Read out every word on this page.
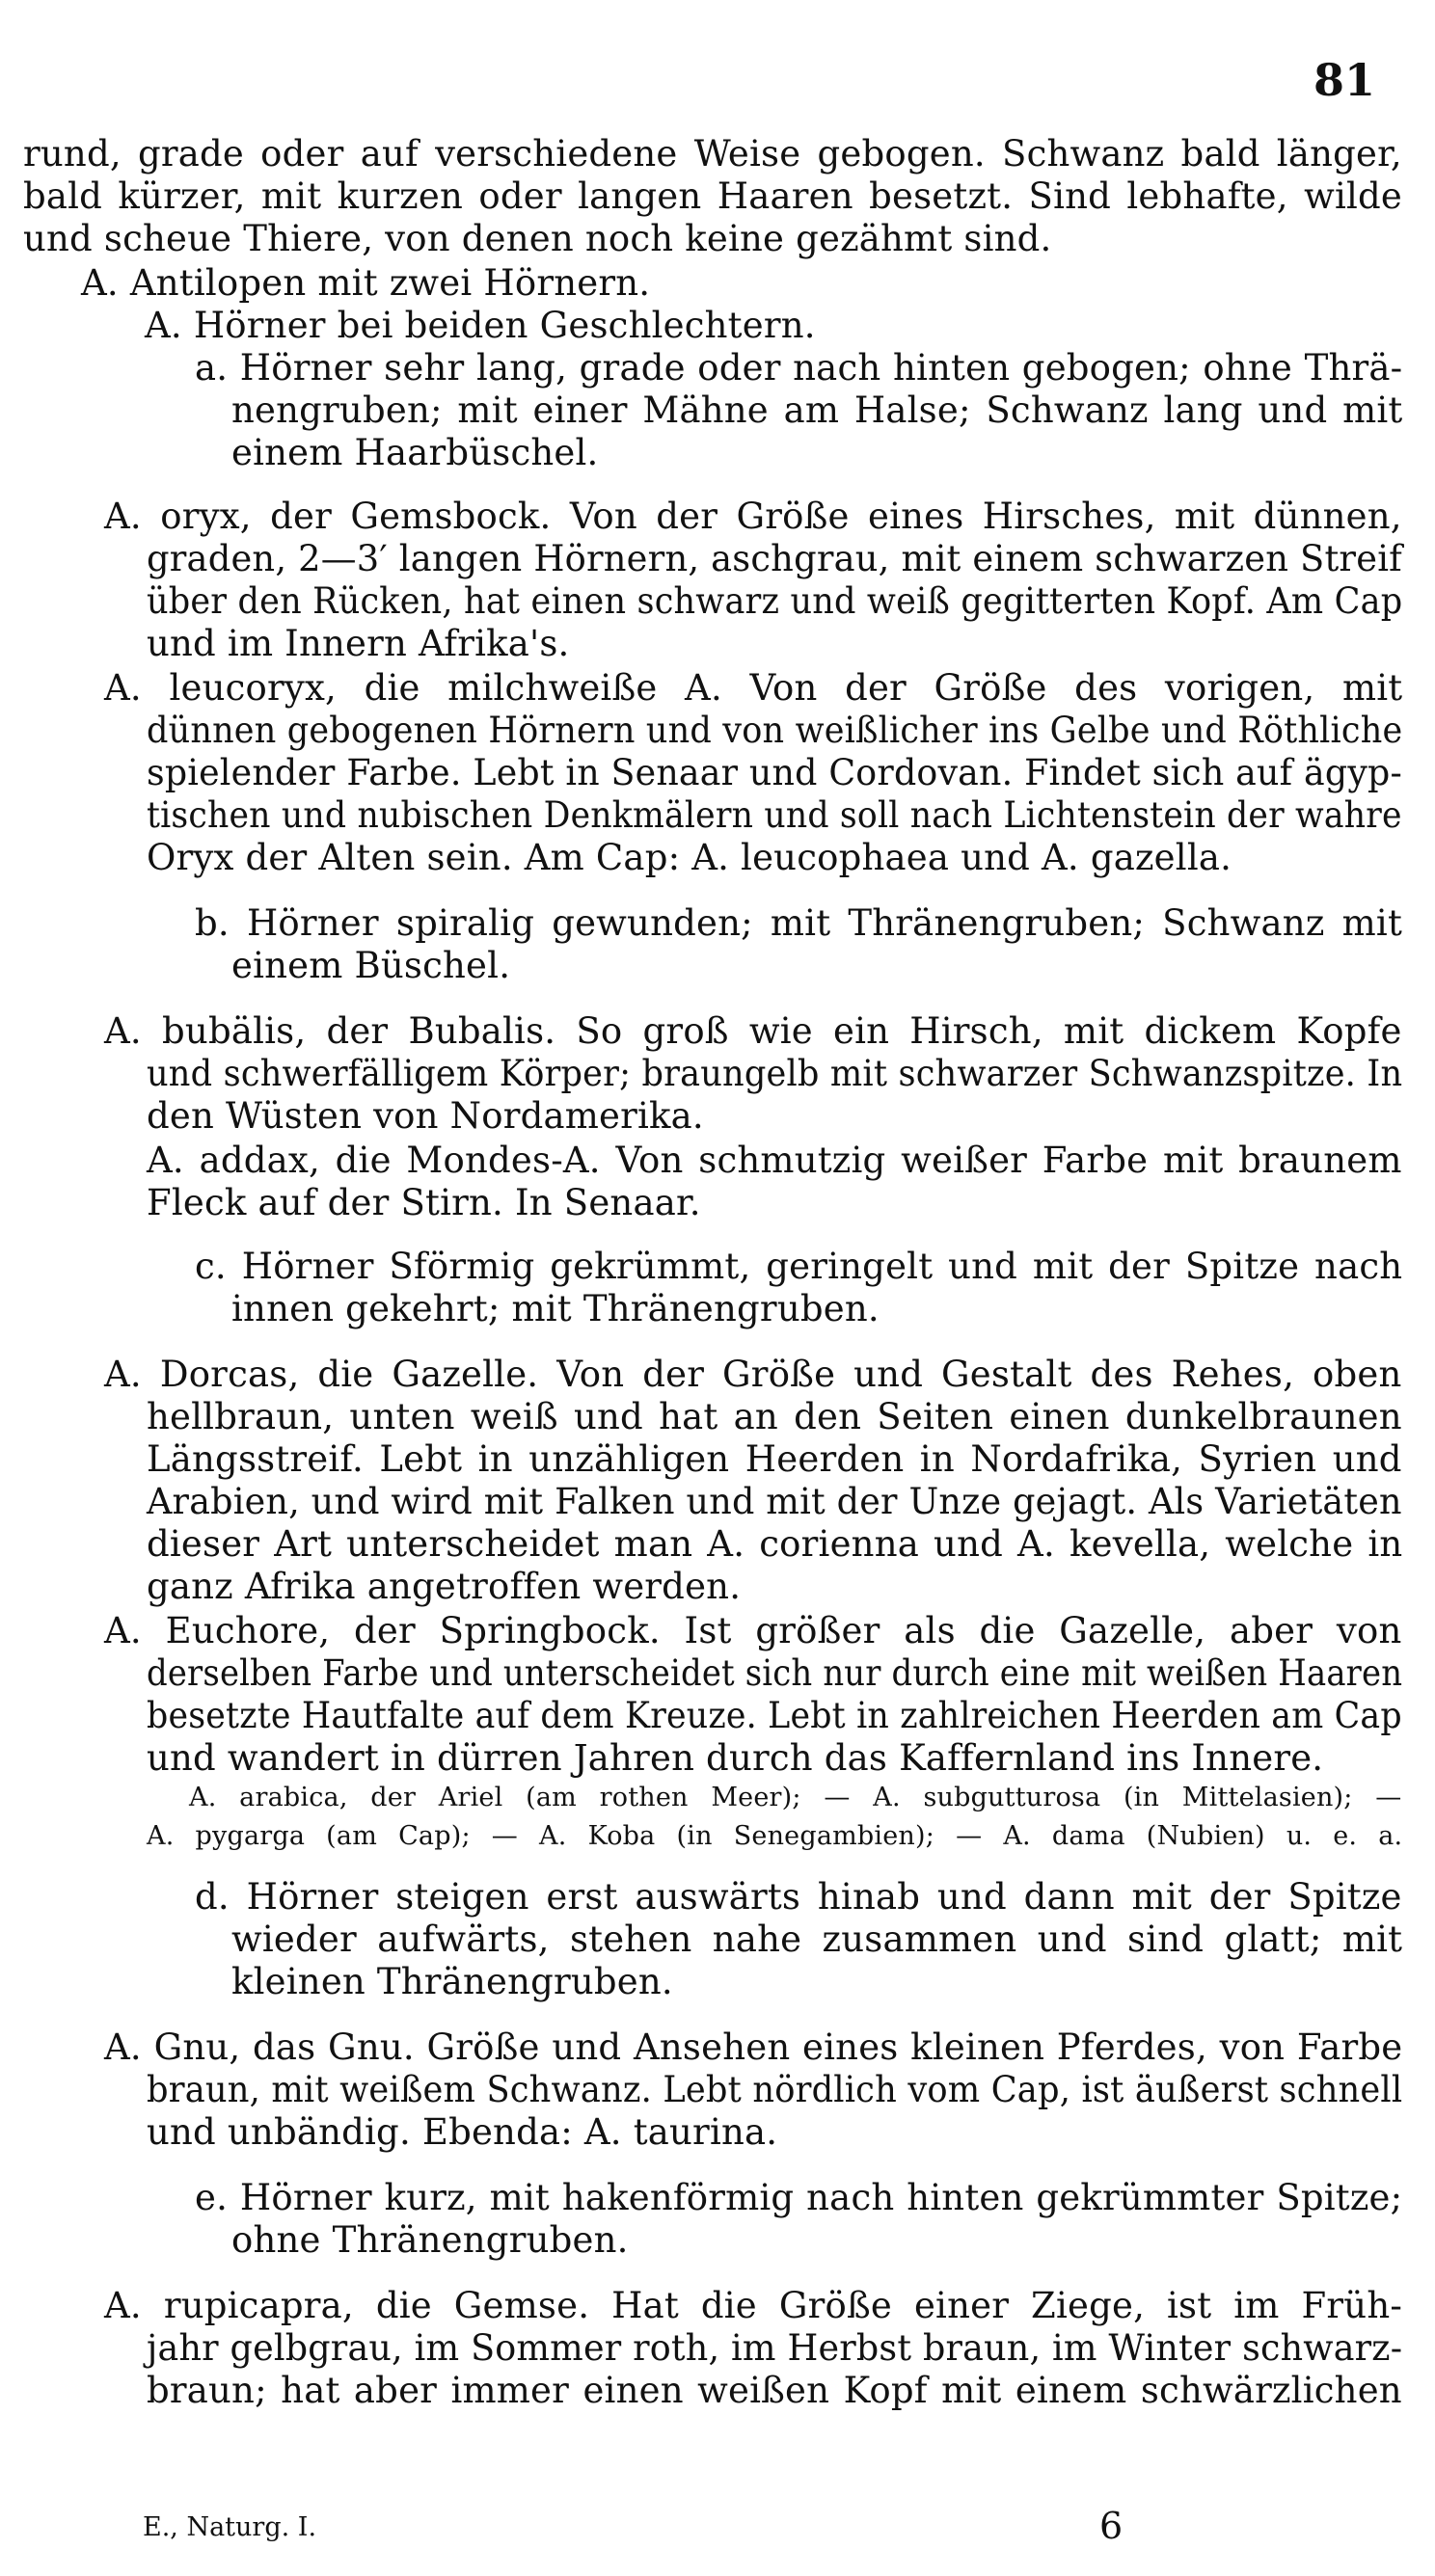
81
rund, grade oder auf verschiedene Weise gebogen. Schwanz bald länger,
bald kürzer, mit kurzen oder langen Haaren besetzt. Sind lebhafte, wilde
und scheue Thiere, von denen noch keine gezähmt sind.
A. Antilopen mit zwei Hörnern.
A. Hörner bei beiden Geschlechtern.
a. Hörner sehr lang, grade oder nach hinten gebogen; ohne Thrä-
nengruben; mit einer Mähne am Halse; Schwanz lang und mit
einem Haarbüschel.
A. oryx, der Gemsbock. Von der Größe eines Hirsches, mit dünnen,
graden, 2—3′ langen Hörnern, aschgrau, mit einem schwarzen Streif
über den Rücken, hat einen schwarz und weiß gegitterten Kopf. Am Cap
und im Innern Afrika's.
A. leucoryx, die milchweiße A. Von der Größe des vorigen, mit
dünnen gebogenen Hörnern und von weißlicher ins Gelbe und Röthliche
spielender Farbe. Lebt in Senaar und Cordovan. Findet sich auf ägyp-
tischen und nubischen Denkmälern und soll nach Lichtenstein der wahre
Oryx der Alten sein. Am Cap: A. leucophaea und A. gazella.
b. Hörner spiralig gewunden; mit Thränengruben; Schwanz mit
einem Büschel.
A. bubälis, der Bubalis. So groß wie ein Hirsch, mit dickem Kopfe
und schwerfälligem Körper; braungelb mit schwarzer Schwanzspitze. In
den Wüsten von Nordamerika.
A. addax, die Mondes-A. Von schmutzig weißer Farbe mit braunem
Fleck auf der Stirn. In Senaar.
c. Hörner Sförmig gekrümmt, geringelt und mit der Spitze nach
innen gekehrt; mit Thränengruben.
A. Dorcas, die Gazelle. Von der Größe und Gestalt des Rehes, oben
hellbraun, unten weiß und hat an den Seiten einen dunkelbraunen
Längsstreif. Lebt in unzähligen Heerden in Nordafrika, Syrien und
Arabien, und wird mit Falken und mit der Unze gejagt. Als Varietäten
dieser Art unterscheidet man A. corienna und A. kevella, welche in
ganz Afrika angetroffen werden.
A. Euchore, der Springbock. Ist größer als die Gazelle, aber von
derselben Farbe und unterscheidet sich nur durch eine mit weißen Haaren
besetzte Hautfalte auf dem Kreuze. Lebt in zahlreichen Heerden am Cap
und wandert in dürren Jahren durch das Kaffernland ins Innere.
A. arabica, der Ariel (am rothen Meer); — A. subgutturosa (in Mittelasien); —
A. pygarga (am Cap); — A. Koba (in Senegambien); — A. dama (Nubien) u. e. a.
d. Hörner steigen erst auswärts hinab und dann mit der Spitze
wieder aufwärts, stehen nahe zusammen und sind glatt; mit
kleinen Thränengruben.
A. Gnu, das Gnu. Größe und Ansehen eines kleinen Pferdes, von Farbe
braun, mit weißem Schwanz. Lebt nördlich vom Cap, ist äußerst schnell
und unbändig. Ebenda: A. taurina.
e. Hörner kurz, mit hakenförmig nach hinten gekrümmter Spitze;
ohne Thränengruben.
A. rupicapra, die Gemse. Hat die Größe einer Ziege, ist im Früh-
jahr gelbgrau, im Sommer roth, im Herbst braun, im Winter schwarz-
braun; hat aber immer einen weißen Kopf mit einem schwärzlichen
E., Naturg. I.	6
